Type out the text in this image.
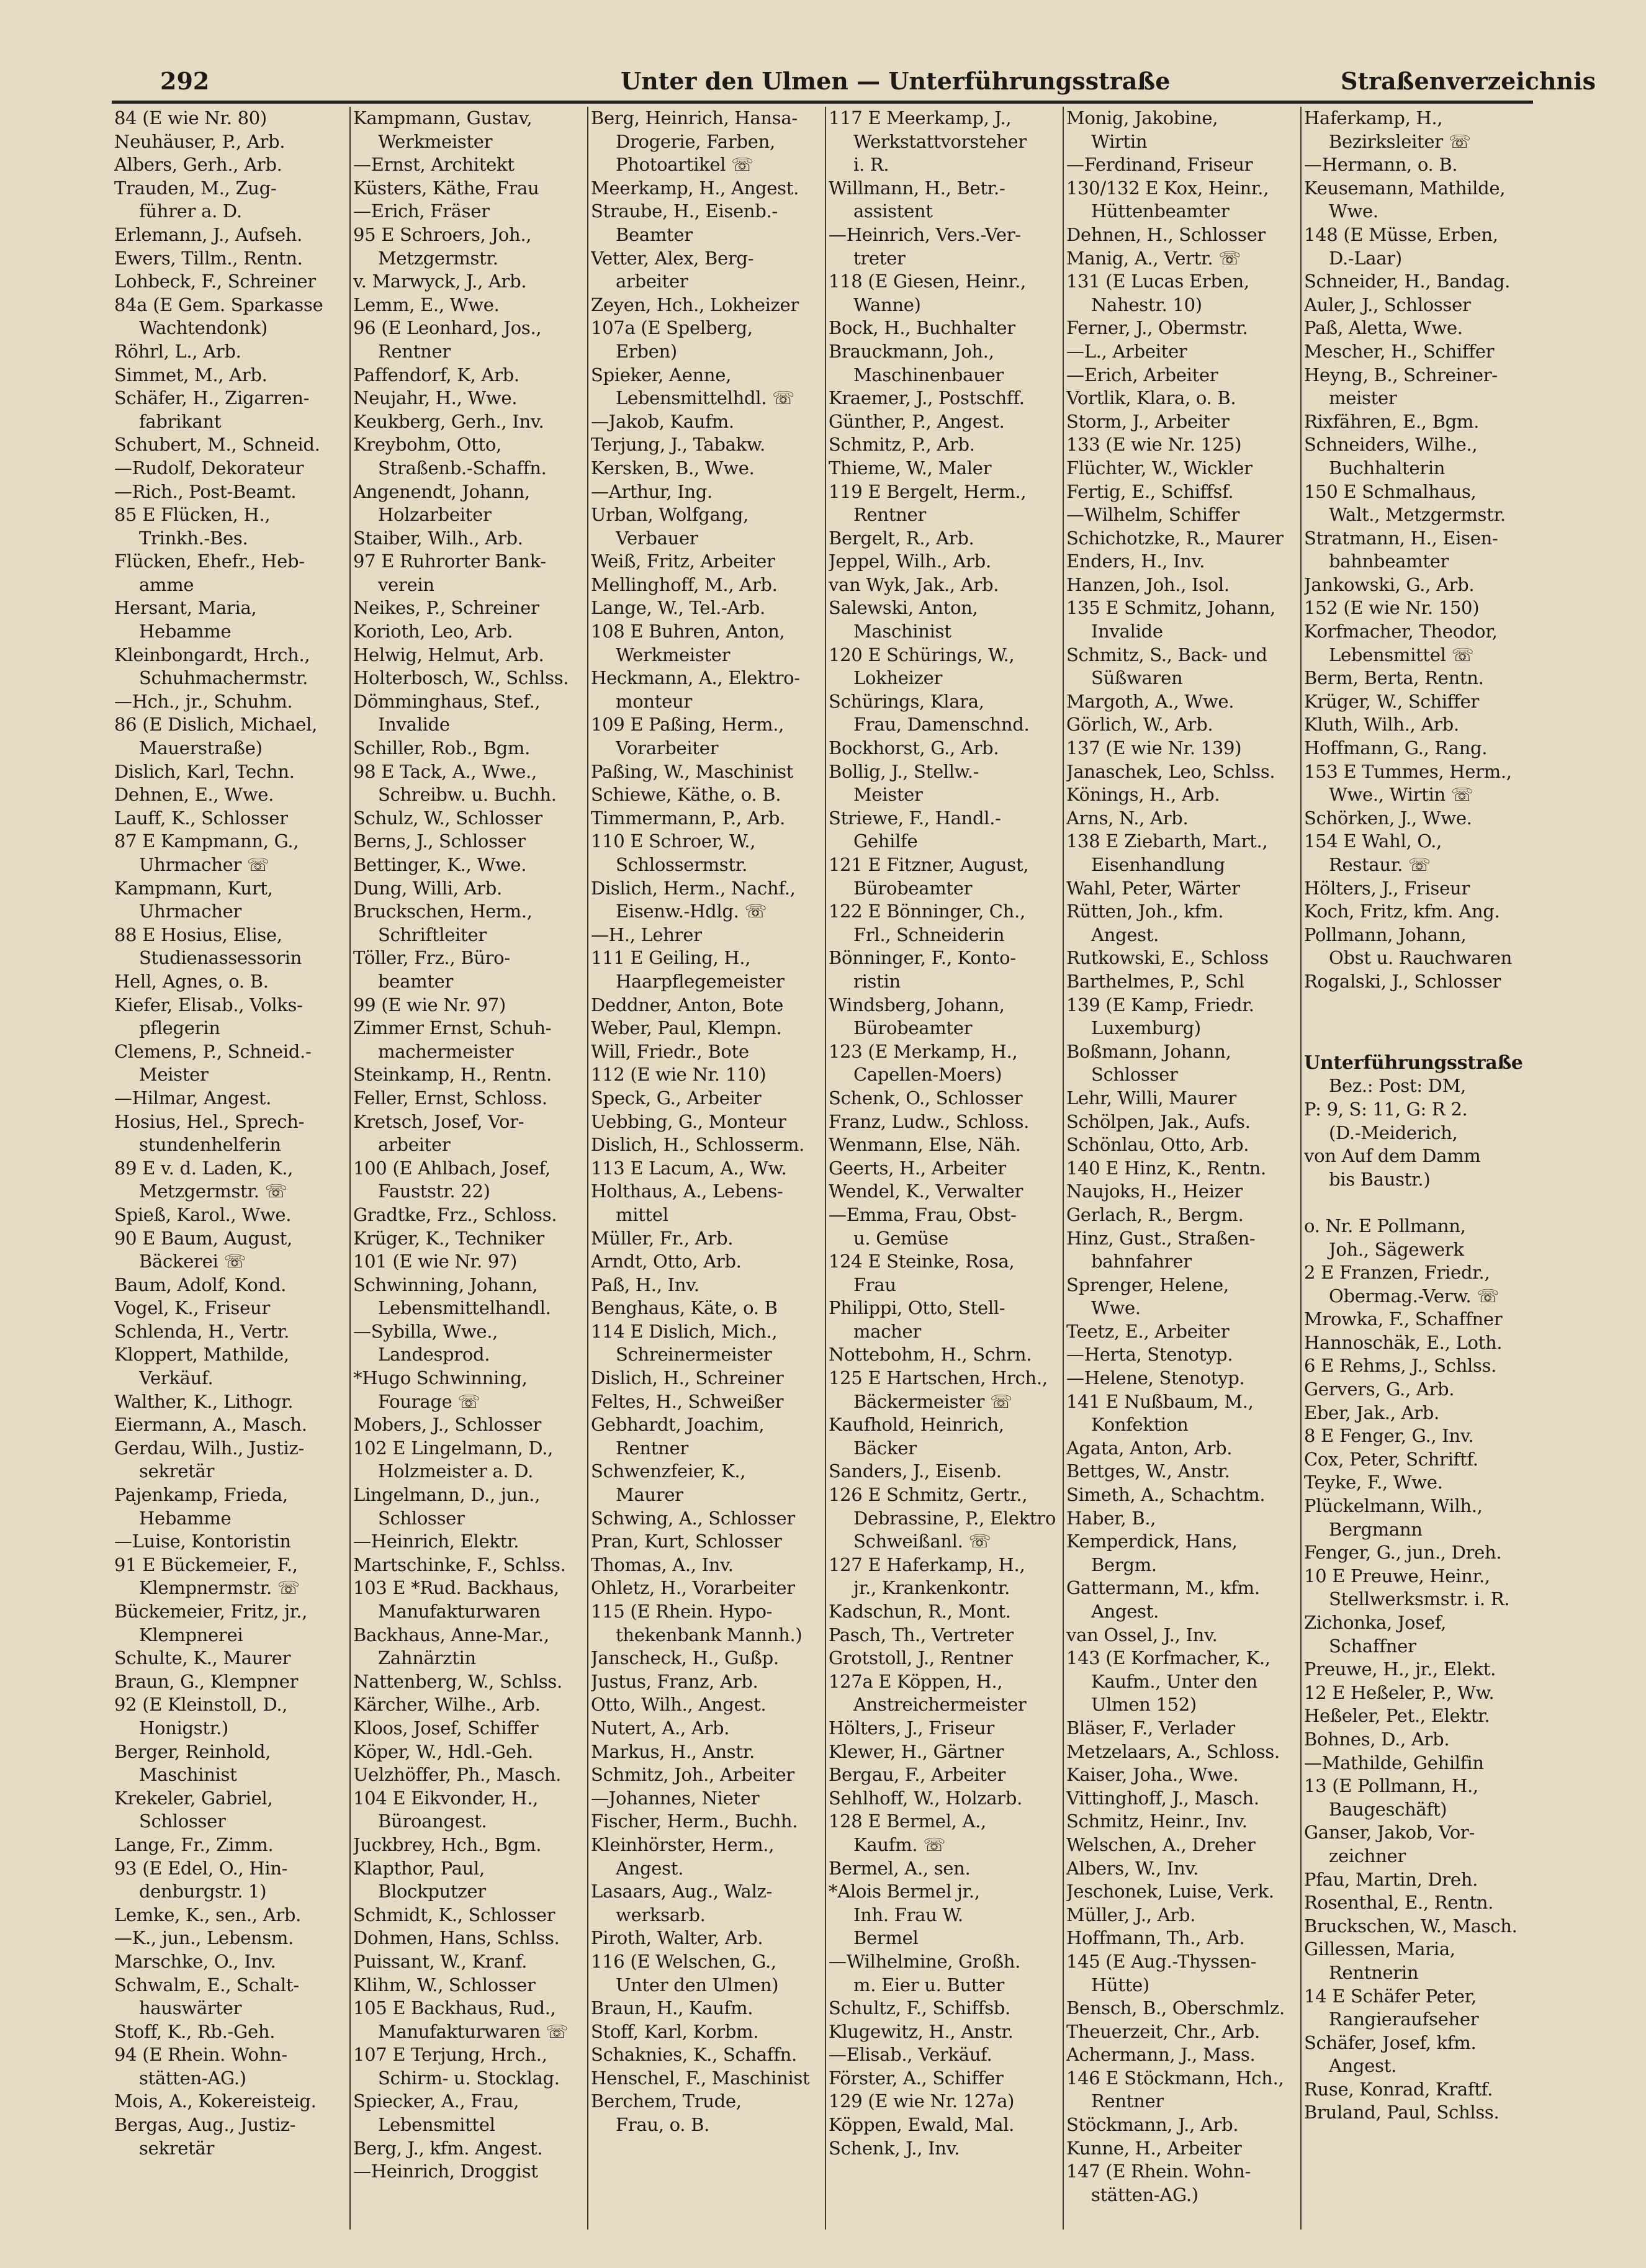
292	Unter den Ulmen — Unterführungsstraße	Straßenverzeichnis
84 (E wie Nr. 80)
Neuhäuser, P., Arb.
Albers, Gerh., Arb.
Trauden, M., Zug-
führer a. D.
Erlemann, J., Aufseh.
Ewers, Tillm., Rentn.
Lohbeck, F., Schreiner
84a (E Gem. Sparkasse
Wachtendonk)
Röhrl, L., Arb.
Simmet, M., Arb.
Schäfer, H., Zigarren-
fabrikant
Schubert, M., Schneid.
—Rudolf, Dekorateur
—Rich., Post-Beamt.
85 E Flücken, H.,
Trinkh.-Bes.
Flücken, Ehefr., Heb-
amme
Hersant, Maria,
Hebamme
Kleinbongardt, Hrch.,
Schuhmachermstr.
—Hch., jr., Schuhm.
86 (E Dislich, Michael,
Mauerstraße)
Dislich, Karl, Techn.
Dehnen, E., Wwe.
Lauff, K., Schlosser
87 E Kampmann, G.,
Uhrmacher ☏
Kampmann, Kurt,
Uhrmacher
88 E Hosius, Elise,
Studienassessorin
Hell, Agnes, o. B.
Kiefer, Elisab., Volks-
pflegerin
Clemens, P., Schneid.-
Meister
—Hilmar, Angest.
Hosius, Hel., Sprech-
stundenhelferin
89 E v. d. Laden, K.,
Metzgermstr. ☏
Spieß, Karol., Wwe.
90 E Baum, August,
Bäckerei ☏
Baum, Adolf, Kond.
Vogel, K., Friseur
Schlenda, H., Vertr.
Kloppert, Mathilde,
Verkäuf.
Walther, K., Lithogr.
Eiermann, A., Masch.
Gerdau, Wilh., Justiz-
sekretär
Pajenkamp, Frieda,
Hebamme
—Luise, Kontoristin
91 E Bückemeier, F.,
Klempnermstr. ☏
Bückemeier, Fritz, jr.,
Klempnerei
Schulte, K., Maurer
Braun, G., Klempner
92 (E Kleinstoll, D.,
Honigstr.)
Berger, Reinhold,
Maschinist
Krekeler, Gabriel,
Schlosser
Lange, Fr., Zimm.
93 (E Edel, O., Hin-
denburgstr. 1)
Lemke, K., sen., Arb.
—K., jun., Lebensm.
Marschke, O., Inv.
Schwalm, E., Schalt-
hauswärter
Stoff, K., Rb.-Geh.
94 (E Rhein. Wohn-
stätten-AG.)
Mois, A., Kokereisteig.
Bergas, Aug., Justiz-
sekretär
Kampmann, Gustav,
Werkmeister
—Ernst, Architekt
Küsters, Käthe, Frau
—Erich, Fräser
95 E Schroers, Joh.,
Metzgermstr.
v. Marwyck, J., Arb.
Lemm, E., Wwe.
96 (E Leonhard, Jos.,
Rentner
Paffendorf, K, Arb.
Neujahr, H., Wwe.
Keukberg, Gerh., Inv.
Kreybohm, Otto,
Straßenb.-Schaffn.
Angenendt, Johann,
Holzarbeiter
Staiber, Wilh., Arb.
97 E Ruhrorter Bank-
verein
Neikes, P., Schreiner
Korioth, Leo, Arb.
Helwig, Helmut, Arb.
Holterbosch, W., Schlss.
Dömminghaus, Stef.,
Invalide
Schiller, Rob., Bgm.
98 E Tack, A., Wwe.,
Schreibw. u. Buchh.
Schulz, W., Schlosser
Berns, J., Schlosser
Bettinger, K., Wwe.
Dung, Willi, Arb.
Bruckschen, Herm.,
Schriftleiter
Töller, Frz., Büro-
beamter
99 (E wie Nr. 97)
Zimmer Ernst, Schuh-
machermeister
Steinkamp, H., Rentn.
Feller, Ernst, Schloss.
Kretsch, Josef, Vor-
arbeiter
100 (E Ahlbach, Josef,
Fauststr. 22)
Gradtke, Frz., Schloss.
Krüger, K., Techniker
101 (E wie Nr. 97)
Schwinning, Johann,
Lebensmittelhandl.
—Sybilla, Wwe.,
Landesprod.
*Hugo Schwinning,
Fourage ☏
Mobers, J., Schlosser
102 E Lingelmann, D.,
Holzmeister a. D.
Lingelmann, D., jun.,
Schlosser
—Heinrich, Elektr.
Martschinke, F., Schlss.
103 E *Rud. Backhaus,
Manufakturwaren
Backhaus, Anne-Mar.,
Zahnärztin
Nattenberg, W., Schlss.
Kärcher, Wilhe., Arb.
Kloos, Josef, Schiffer
Köper, W., Hdl.-Geh.
Uelzhöffer, Ph., Masch.
104 E Eikvonder, H.,
Büroangest.
Juckbrey, Hch., Bgm.
Klapthor, Paul,
Blockputzer
Schmidt, K., Schlosser
Dohmen, Hans, Schlss.
Puissant, W., Kranf.
Klihm, W., Schlosser
105 E Backhaus, Rud.,
Manufakturwaren ☏
107 E Terjung, Hrch.,
Schirm- u. Stocklag.
Spiecker, A., Frau,
Lebensmittel
Berg, J., kfm. Angest.
—Heinrich, Droggist
Berg, Heinrich, Hansa-
Drogerie, Farben,
Photoartikel ☏
Meerkamp, H., Angest.
Straube, H., Eisenb.-
Beamter
Vetter, Alex, Berg-
arbeiter
Zeyen, Hch., Lokheizer
107a (E Spelberg,
Erben)
Spieker, Aenne,
Lebensmittelhdl. ☏
—Jakob, Kaufm.
Terjung, J., Tabakw.
Kersken, B., Wwe.
—Arthur, Ing.
Urban, Wolfgang,
Verbauer
Weiß, Fritz, Arbeiter
Mellinghoff, M., Arb.
Lange, W., Tel.-Arb.
108 E Buhren, Anton,
Werkmeister
Heckmann, A., Elektro-
monteur
109 E Paßing, Herm.,
Vorarbeiter
Paßing, W., Maschinist
Schiewe, Käthe, o. B.
Timmermann, P., Arb.
110 E Schroer, W.,
Schlossermstr.
Dislich, Herm., Nachf.,
Eisenw.-Hdlg. ☏
—H., Lehrer
111 E Geiling, H.,
Haarpflegemeister
Deddner, Anton, Bote
Weber, Paul, Klempn.
Will, Friedr., Bote
112 (E wie Nr. 110)
Speck, G., Arbeiter
Uebbing, G., Monteur
Dislich, H., Schlosserm.
113 E Lacum, A., Ww.
Holthaus, A., Lebens-
mittel
Müller, Fr., Arb.
Arndt, Otto, Arb.
Paß, H., Inv.
Benghaus, Käte, o. B
114 E Dislich, Mich.,
Schreinermeister
Dislich, H., Schreiner
Feltes, H., Schweißer
Gebhardt, Joachim,
Rentner
Schwenzfeier, K.,
Maurer
Schwing, A., Schlosser
Pran, Kurt, Schlosser
Thomas, A., Inv.
Ohletz, H., Vorarbeiter
115 (E Rhein. Hypo-
thekenbank Mannh.)
Janscheck, H., Gußp.
Justus, Franz, Arb.
Otto, Wilh., Angest.
Nutert, A., Arb.
Markus, H., Anstr.
Schmitz, Joh., Arbeiter
—Johannes, Nieter
Fischer, Herm., Buchh.
Kleinhörster, Herm.,
Angest.
Lasaars, Aug., Walz-
werksarb.
Piroth, Walter, Arb.
116 (E Welschen, G.,
Unter den Ulmen)
Braun, H., Kaufm.
Stoff, Karl, Korbm.
Schaknies, K., Schaffn.
Henschel, F., Maschinist
Berchem, Trude,
Frau, o. B.
117 E Meerkamp, J.,
Werkstattvorsteher
i. R.
Willmann, H., Betr.-
assistent
—Heinrich, Vers.-Ver-
treter
118 (E Giesen, Heinr.,
Wanne)
Bock, H., Buchhalter
Brauckmann, Joh.,
Maschinenbauer
Kraemer, J., Postschff.
Günther, P., Angest.
Schmitz, P., Arb.
Thieme, W., Maler
119 E Bergelt, Herm.,
Rentner
Bergelt, R., Arb.
Jeppel, Wilh., Arb.
van Wyk, Jak., Arb.
Salewski, Anton,
Maschinist
120 E Schürings, W.,
Lokheizer
Schürings, Klara,
Frau, Damenschnd.
Bockhorst, G., Arb.
Bollig, J., Stellw.-
Meister
Striewe, F., Handl.-
Gehilfe
121 E Fitzner, August,
Bürobeamter
122 E Bönninger, Ch.,
Frl., Schneiderin
Bönninger, F., Konto-
ristin
Windsberg, Johann,
Bürobeamter
123 (E Merkamp, H.,
Capellen-Moers)
Schenk, O., Schlosser
Franz, Ludw., Schloss.
Wenmann, Else, Näh.
Geerts, H., Arbeiter
Wendel, K., Verwalter
—Emma, Frau, Obst-
u. Gemüse
124 E Steinke, Rosa,
Frau
Philippi, Otto, Stell-
macher
Nottebohm, H., Schrn.
125 E Hartschen, Hrch.,
Bäckermeister ☏
Kaufhold, Heinrich,
Bäcker
Sanders, J., Eisenb.
126 E Schmitz, Gertr.,
Debrassine, P., Elektro
Schweißanl. ☏
127 E Haferkamp, H.,
jr., Krankenkontr.
Kadschun, R., Mont.
Pasch, Th., Vertreter
Grotstoll, J., Rentner
127a E Köppen, H.,
Anstreichermeister
Hölters, J., Friseur
Klewer, H., Gärtner
Bergau, F., Arbeiter
Sehlhoff, W., Holzarb.
128 E Bermel, A.,
Kaufm. ☏
Bermel, A., sen.
*Alois Bermel jr.,
Inh. Frau W.
Bermel
—Wilhelmine, Großh.
m. Eier u. Butter
Schultz, F., Schiffsb.
Klugewitz, H., Anstr.
—Elisab., Verkäuf.
Förster, A., Schiffer
129 (E wie Nr. 127a)
Köppen, Ewald, Mal.
Schenk, J., Inv.
Monig, Jakobine,
Wirtin
—Ferdinand, Friseur
130/132 E Kox, Heinr.,
Hüttenbeamter
Dehnen, H., Schlosser
Manig, A., Vertr. ☏
131 (E Lucas Erben,
Nahestr. 10)
Ferner, J., Obermstr.
—L., Arbeiter
—Erich, Arbeiter
Vortlik, Klara, o. B.
Storm, J., Arbeiter
133 (E wie Nr. 125)
Flüchter, W., Wickler
Fertig, E., Schiffsf.
—Wilhelm, Schiffer
Schichotzke, R., Maurer
Enders, H., Inv.
Hanzen, Joh., Isol.
135 E Schmitz, Johann,
Invalide
Schmitz, S., Back- und
Süßwaren
Margoth, A., Wwe.
Görlich, W., Arb.
137 (E wie Nr. 139)
Janaschek, Leo, Schlss.
Könings, H., Arb.
Arns, N., Arb.
138 E Ziebarth, Mart.,
Eisenhandlung
Wahl, Peter, Wärter
Rütten, Joh., kfm.
Angest.
Rutkowski, E., Schloss
Barthelmes, P., Schl
139 (E Kamp, Friedr.
Luxemburg)
Boßmann, Johann,
Schlosser
Lehr, Willi, Maurer
Schölpen, Jak., Aufs.
Schönlau, Otto, Arb.
140 E Hinz, K., Rentn.
Naujoks, H., Heizer
Gerlach, R., Bergm.
Hinz, Gust., Straßen-
bahnfahrer
Sprenger, Helene,
Wwe.
Teetz, E., Arbeiter
—Herta, Stenotyp.
—Helene, Stenotyp.
141 E Nußbaum, M.,
Konfektion
Agata, Anton, Arb.
Bettges, W., Anstr.
Simeth, A., Schachtm.
Haber, B.,
Kemperdick, Hans,
Bergm.
Gattermann, M., kfm.
Angest.
van Ossel, J., Inv.
143 (E Korfmacher, K.,
Kaufm., Unter den
Ulmen 152)
Bläser, F., Verlader
Metzelaars, A., Schloss.
Kaiser, Joha., Wwe.
Vittinghoff, J., Masch.
Schmitz, Heinr., Inv.
Welschen, A., Dreher
Albers, W., Inv.
Jeschonek, Luise, Verk.
Müller, J., Arb.
Hoffmann, Th., Arb.
145 (E Aug.-Thyssen-
Hütte)
Bensch, B., Oberschmlz.
Theuerzeit, Chr., Arb.
Achermann, J., Mass.
146 E Stöckmann, Hch.,
Rentner
Stöckmann, J., Arb.
Kunne, H., Arbeiter
147 (E Rhein. Wohn-
stätten-AG.)
Haferkamp, H.,
Bezirksleiter ☏
—Hermann, o. B.
Keusemann, Mathilde,
Wwe.
148 (E Müsse, Erben,
D.-Laar)
Schneider, H., Bandag.
Auler, J., Schlosser
Paß, Aletta, Wwe.
Mescher, H., Schiffer
Heyng, B., Schreiner-
meister
Rixfähren, E., Bgm.
Schneiders, Wilhe.,
Buchhalterin
150 E Schmalhaus,
Walt., Metzgermstr.
Stratmann, H., Eisen-
bahnbeamter
Jankowski, G., Arb.
152 (E wie Nr. 150)
Korfmacher, Theodor,
Lebensmittel ☏
Berm, Berta, Rentn.
Krüger, W., Schiffer
Kluth, Wilh., Arb.
Hoffmann, G., Rang.
153 E Tummes, Herm.,
Wwe., Wirtin ☏
Schörken, J., Wwe.
154 E Wahl, O.,
Restaur. ☏
Hölters, J., Friseur
Koch, Fritz, kfm. Ang.
Pollmann, Johann,
Obst u. Rauchwaren
Rogalski, J., Schlosser
Unterführungsstraße
Bez.: Post: DM,
P: 9, S: 11, G: R 2.
(D.-Meiderich,
von Auf dem Damm
bis Baustr.)
o. Nr. E Pollmann,
Joh., Sägewerk
2 E Franzen, Friedr.,
Obermag.-Verw. ☏
Mrowka, F., Schaffner
Hannoschäk, E., Loth.
6 E Rehms, J., Schlss.
Gervers, G., Arb.
Eber, Jak., Arb.
8 E Fenger, G., Inv.
Cox, Peter, Schriftf.
Teyke, F., Wwe.
Plückelmann, Wilh.,
Bergmann
Fenger, G., jun., Dreh.
10 E Preuwe, Heinr.,
Stellwerksmstr. i. R.
Zichonka, Josef,
Schaffner
Preuwe, H., jr., Elekt.
12 E Heßeler, P., Ww.
Heßeler, Pet., Elektr.
Bohnes, D., Arb.
—Mathilde, Gehilfin
13 (E Pollmann, H.,
Baugeschäft)
Ganser, Jakob, Vor-
zeichner
Pfau, Martin, Dreh.
Rosenthal, E., Rentn.
Bruckschen, W., Masch.
Gillessen, Maria,
Rentnerin
14 E Schäfer Peter,
Rangieraufseher
Schäfer, Josef, kfm.
Angest.
Ruse, Konrad, Kraftf.
Bruland, Paul, Schlss.
